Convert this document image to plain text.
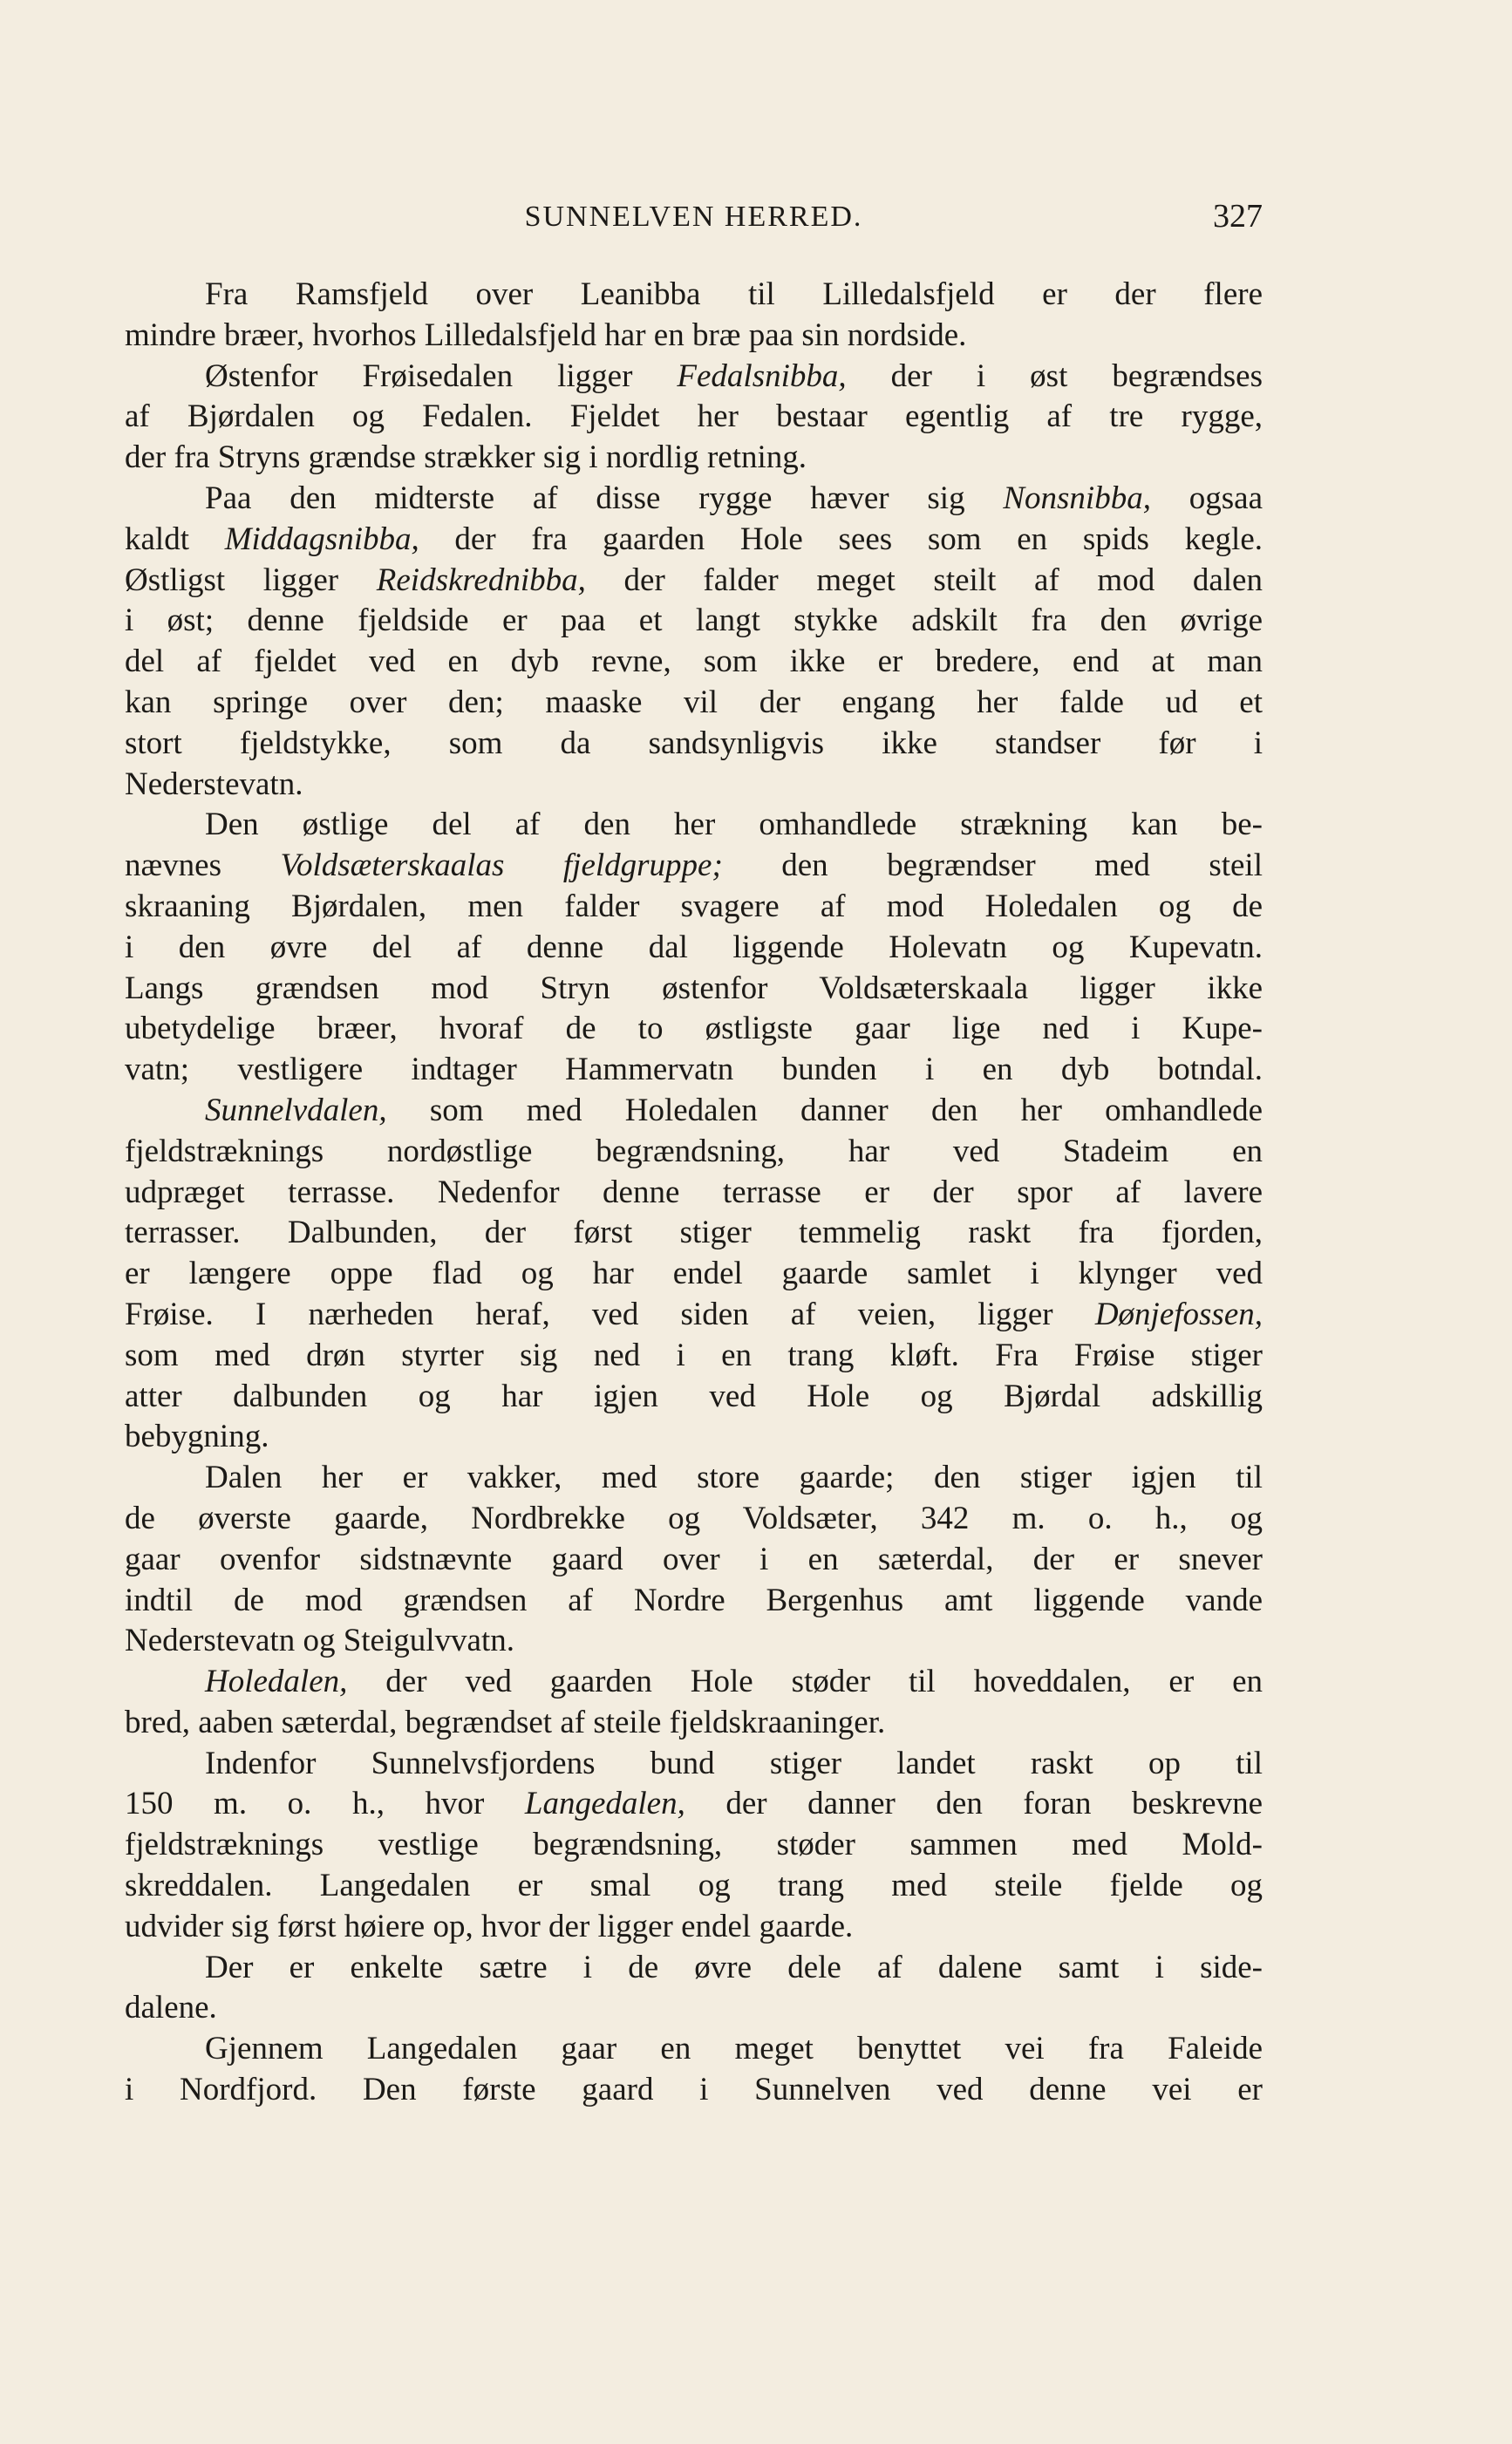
SUNNELVEN HERRED.	327
Fra Ramsfjeld over Leanibba til Lilledalsfjeld er der flere
mindre bræer, hvorhos Lilledalsfjeld har en bræ paa sin nordside.
Østenfor Frøisedalen ligger Fedalsnibba, der i øst begrændses
af Bjørdalen og Fedalen. Fjeldet her bestaar egentlig af tre rygge,
der fra Stryns grændse strækker sig i nordlig retning.
Paa den midterste af disse rygge hæver sig Nonsnibba, ogsaa
kaldt Middagsnibba, der fra gaarden Hole sees som en spids kegle.
Østligst ligger Reidskrednibba, der falder meget steilt af mod dalen
i øst; denne fjeldside er paa et langt stykke adskilt fra den øvrige
del af fjeldet ved en dyb revne, som ikke er bredere, end at man
kan springe over den; maaske vil der engang her falde ud et
stort fjeldstykke, som da sandsynligvis ikke standser før i
Nederstevatn.
Den østlige del af den her omhandlede strækning kan be-
nævnes Voldsæterskaalas fjeldgruppe; den begrændser med steil
skraaning Bjørdalen, men falder svagere af mod Holedalen og de
i den øvre del af denne dal liggende Holevatn og Kupevatn.
Langs grændsen mod Stryn østenfor Voldsæterskaala ligger ikke
ubetydelige bræer, hvoraf de to østligste gaar lige ned i Kupe-
vatn; vestligere indtager Hammervatn bunden i en dyb botndal.
Sunnelvdalen, som med Holedalen danner den her omhandlede
fjeldstræknings nordøstlige begrændsning, har ved Stadeim en
udpræget terrasse. Nedenfor denne terrasse er der spor af lavere
terrasser. Dalbunden, der først stiger temmelig raskt fra fjorden,
er længere oppe flad og har endel gaarde samlet i klynger ved
Frøise. I nærheden heraf, ved siden af veien, ligger Dønjefossen,
som med drøn styrter sig ned i en trang kløft. Fra Frøise stiger
atter dalbunden og har igjen ved Hole og Bjørdal adskillig
bebygning.
Dalen her er vakker, med store gaarde; den stiger igjen til
de øverste gaarde, Nordbrekke og Voldsæter, 342 m. o. h., og
gaar ovenfor sidstnævnte gaard over i en sæterdal, der er snever
indtil de mod grændsen af Nordre Bergenhus amt liggende vande
Nederstevatn og Steigulvvatn.
Holedalen, der ved gaarden Hole støder til hoveddalen, er en
bred, aaben sæterdal, begrændset af steile fjeldskraaninger.
Indenfor Sunnelvsfjordens bund stiger landet raskt op til
150 m. o. h., hvor Langedalen, der danner den foran beskrevne
fjeldstræknings vestlige begrændsning, støder sammen med Mold-
skreddalen. Langedalen er smal og trang med steile fjelde og
udvider sig først høiere op, hvor der ligger endel gaarde.
Der er enkelte sætre i de øvre dele af dalene samt i side-
dalene.
Gjennem Langedalen gaar en meget benyttet vei fra Faleide
i Nordfjord. Den første gaard i Sunnelven ved denne vei er
